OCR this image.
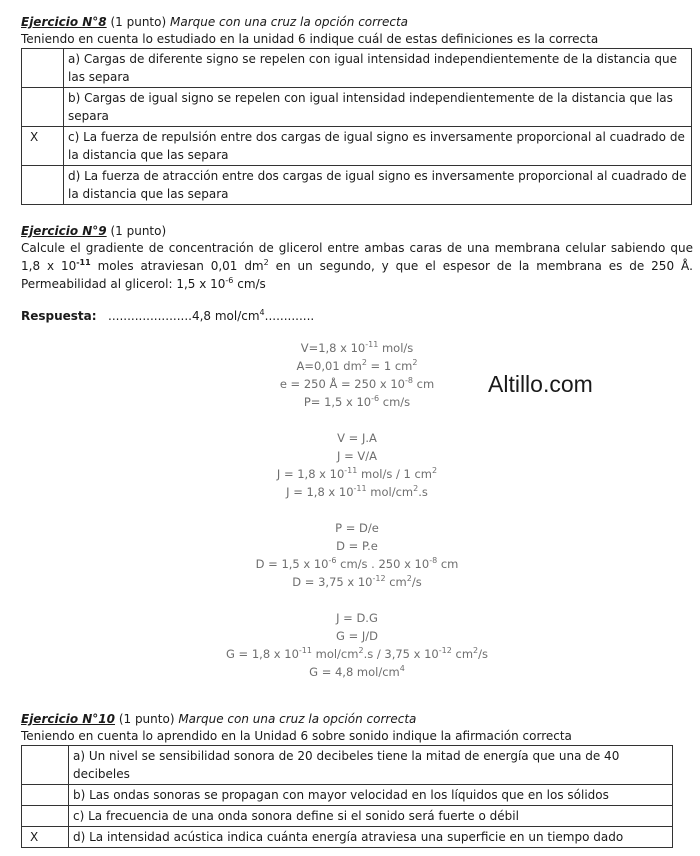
Ejercicio N°8 (1 punto) Marque con una cruz la opción correcta
Teniendo en cuenta lo estudiado en la unidad 6 indique cuál de estas definiciones es la correcta
	a) Cargas de diferente signo se repelen con igual intensidad independientemente de la distancia que las separa
	b) Cargas de igual signo se repelen con igual intensidad independientemente de la distancia que las separa
X	c) La fuerza de repulsión entre dos cargas de igual signo es inversamente proporcional al cuadrado de la distancia que las separa
	d) La fuerza de atracción entre dos cargas de igual signo es inversamente proporcional al cuadrado de la distancia que las separa
Ejercicio N°9 (1 punto)
Calcule el gradiente de concentración de glicerol entre ambas caras de una membrana celular sabiendo que 1,8 x $10^{-11}$ moles atraviesan 0,01 $dm^2$ en un segundo, y que el espesor de la membrana es de 250 Å. Permeabilidad al glicerol: 1,5 x $10^{-6}$ cm/s
Respuesta: ......................4,8 mol/$cm^4$.............
V=1,8 x $10^{-11}$ mol/s
A=0,01 $dm^2 = 1$ $cm^2$
e = 250 Å = 250 x $10^{-8}$ cm
P= 1,5 x $10^{-6}$ cm/s
V = J.A
J = V/A
J = 1,8 x $10^{-11}$ mol/s / 1 $cm^2$
J = 1,8 x $10^{-11}$ mol/$cm^2.s$
P = D/e
D = P.e
D = 1,5 x $10^{-6}$ cm/s . 250 x $10^{-8}$ cm
D = 3,75 x $10^{-12}$ $cm^2/s$
J = D.G
G = J/D
G = 1,8 x $10^{-11}$ mol/$cm^2.s / 3,75$ x $10^{-12}$ $cm^2/s$
G = 4,8 mol/$cm^4$
Ejercicio N°10 (1 punto) Marque con una cruz la opción correcta
Teniendo en cuenta lo aprendido en la Unidad 6 sobre sonido indique la afirmación correcta
	a) Un nivel se sensibilidad sonora de 20 decibeles tiene la mitad de energía que una de 40 decibeles
	b) Las ondas sonoras se propagan con mayor velocidad en los líquidos que en los sólidos
	c) La frecuencia de una onda sonora define si el sonido será fuerte o débil
X	d) La intensidad acústica indica cuánta energía atraviesa una superficie en un tiempo dado
Altillo.com
